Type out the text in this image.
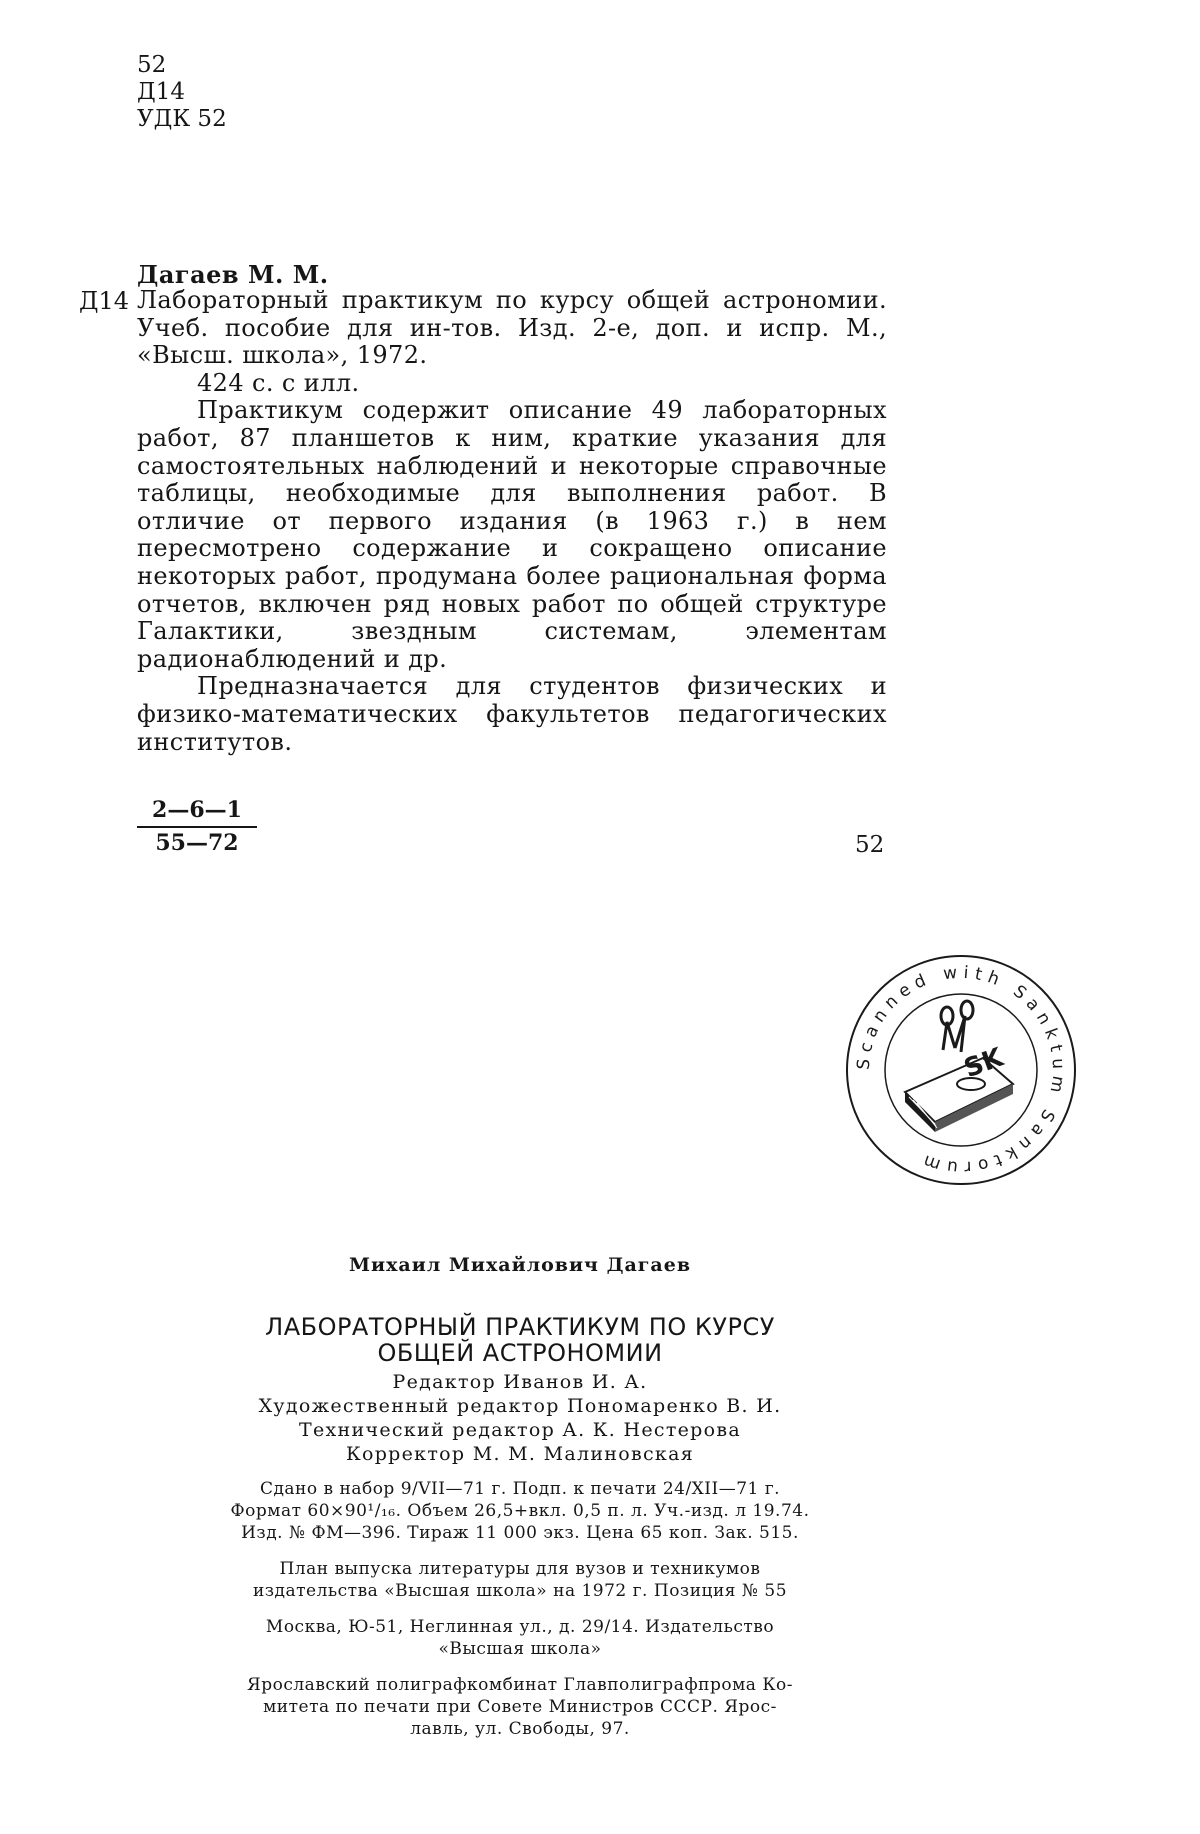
52
Д14
УДК 52
Дагаев М. М.
Д14 Лабораторный практикум по курсу общей астрономии. Учеб. пособие для ин-тов. Изд. 2-е, доп. и испр. М., «Высш. школа», 1972.

424 с. с илл.

Практикум содержит описание 49 лабораторных работ, 87 планшетов к ним, краткие указания для самостоятельных наблюдений и некоторые справочные таблицы, необходимые для выполнения работ. В отличие от первого издания (в 1963 г.) в нем пересмотрено содержание и сокращено описание некоторых работ, продумана более рациональная форма отчетов, включен ряд новых работ по общей структуре Галактики, звездным системам, элементам радионаблюдений и др.

Предназначается для студентов физических и физико-математических факультетов педагогических институтов.

$\frac{2—6—1}{55—72}$	52
Scanned with Sanktum Sanktorum
SK
Михаил Михайлович Дагаев
ЛАБОРАТОРНЫЙ ПРАКТИКУМ ПО КУРСУ
ОБЩЕЙ АСТРОНОМИИ
Редактор Иванов И. А.
Художественный редактор Пономаренко В. И.
Технический редактор А. К. Нестерова
Корректор М. М. Малиновская
Сдано в набор 9/VII—71 г. Подп. к печати 24/XII—71 г.
Формат 60×90¹/₁₆. Объем 26,5+вкл. 0,5 п. л. Уч.-изд. л 19.74.
Изд. № ФМ—396. Тираж 11 000 экз. Цена 65 коп. Зак. 515.
План выпуска литературы для вузов и техникумов
издательства «Высшая школа» на 1972 г. Позиция № 55
Москва, Ю-51, Неглинная ул., д. 29/14. Издательство
«Высшая школа»
Ярославский полиграфкомбинат Главполиграфпрома Ко-
митета по печати при Совете Министров СССР. Ярос-
лавль, ул. Свободы, 97.
